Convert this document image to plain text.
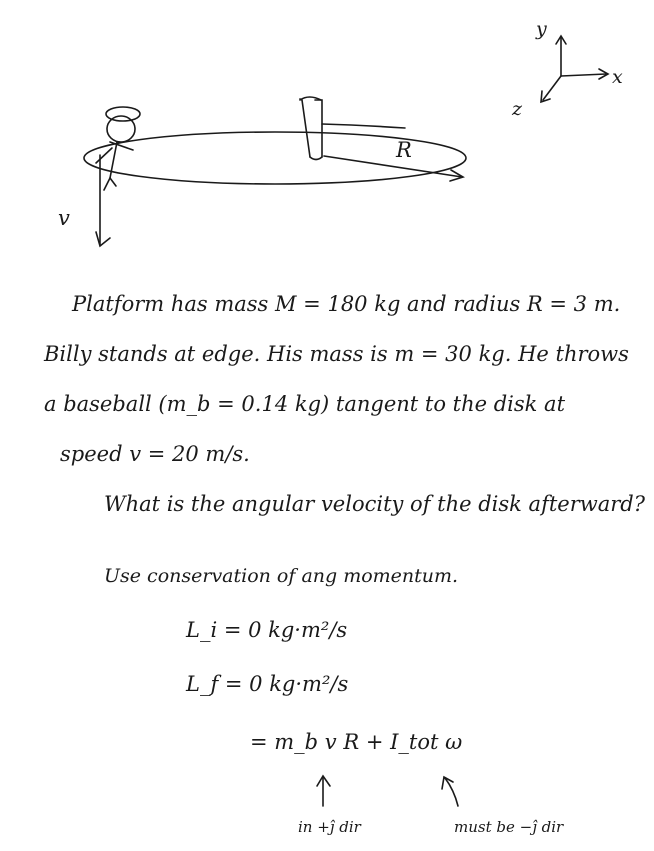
y
x
z
R
v
Platform has mass M = 180 kg and radius R = 3 m.
Billy stands at edge. His mass is m = 30 kg. He throws
a baseball (m_b = 0.14 kg) tangent to the disk at
speed v = 20 m/s.
What is the angular velocity of the disk afterward?
Use conservation of ang momentum.
L_i = 0 kg·m²/s
L_f = 0 kg·m²/s
= m_b v R + I_tot ω
in +ĵ dir	must be −ĵ dir
